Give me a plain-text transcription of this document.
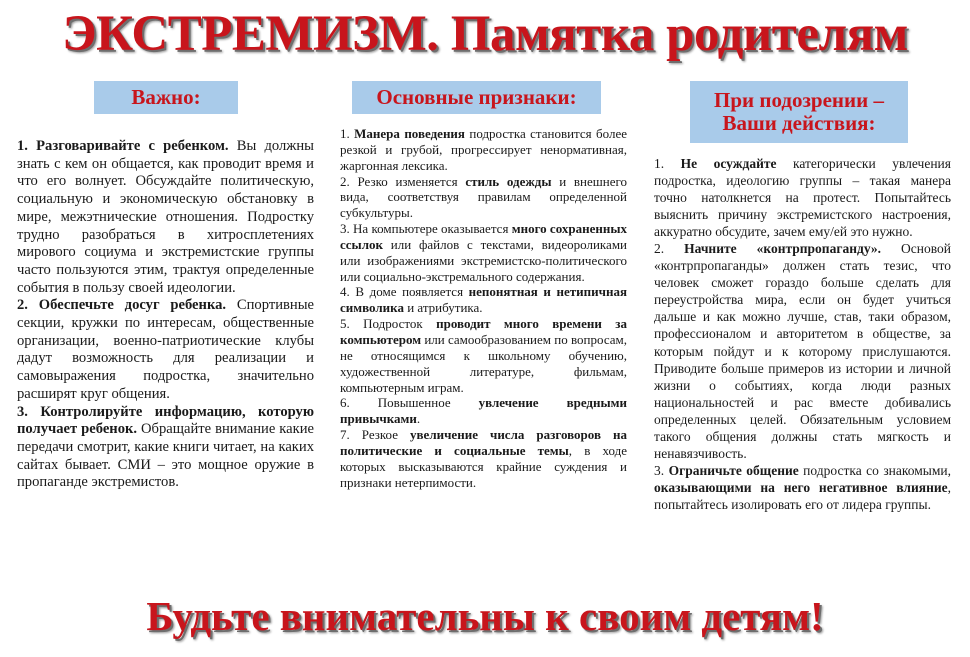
ЭКСТРЕМИЗМ. Памятка родителям
Важно:	Основные признаки:	При подозрении – Ваши действия:

1. Разговаривайте с ребенком. Вы должны знать с кем он общается, как проводит время и что его волнует. Обсуждайте политическую, социальную и экономическую обстановку в мире, межэтнические отношения. Подростку трудно разобраться в хитросплетениях мирового социума и экстремистские группы часто пользуются этим, трактуя определенные события в пользу своей идеологии.

2. Обеспечьте досуг ребенка. Спортивные секции, кружки по интересам, общественные организации, военно-патриотические клубы дадут возможность для реализации и самовыражения подростка, значительно расширят круг общения.

3. Контролируйте информацию, которую получает ребенок. Обращайте внимание какие передачи смотрит, какие книги читает, на каких сайтах бывает. СМИ – это мощное оружие в пропаганде экстремистов.

1. Манера поведения подростка становится более резкой и грубой, прогрессирует ненормативная, жаргонная лексика.

2. Резко изменяется стиль одежды и внешнего вида, соответствуя правилам определенной субкультуры.

3. На компьютере оказывается много сохраненных ссылок или файлов с текстами, видеороликами или изображениями экстремистско-политического или социально-экстремального содержания.

4. В доме появляется непонятная и нетипичная символика и атрибутика.

5. Подросток проводит много времени за компьютером или самообразованием по вопросам, не относящимся к школьному обучению, художественной литературе, фильмам, компьютерным играм.

6. Повышенное увлечение вредными привычками.

7. Резкое увеличение числа разговоров на политические и социальные темы, в ходе которых высказываются крайние суждения и признаки нетерпимости.

1. Не осуждайте категорически увлечения подростка, идеологию группы – такая манера точно натолкнется на протест. Попытайтесь выяснить причину экстремистского настроения, аккуратно обсудите, зачем ему/ей это нужно.

2. Начните «контрпропаганду». Основой «контрпропаганды» должен стать тезис, что человек сможет гораздо больше сделать для переустройства мира, если он будет учиться дальше и как можно лучше, став, таки образом, профессионалом и авторитетом в обществе, за которым пойдут и к которому прислушаются. Приводите больше примеров из истории и личной жизни о событиях, когда люди разных национальностей и рас вместе добивались определенных целей. Обязательным условием такого общения должны стать мягкость и ненавязчивость.

3. Ограничьте общение подростка со знакомыми, оказывающими на него негативное влияние, попытайтесь изолировать его от лидера группы.

Будьте внимательны к своим детям!
